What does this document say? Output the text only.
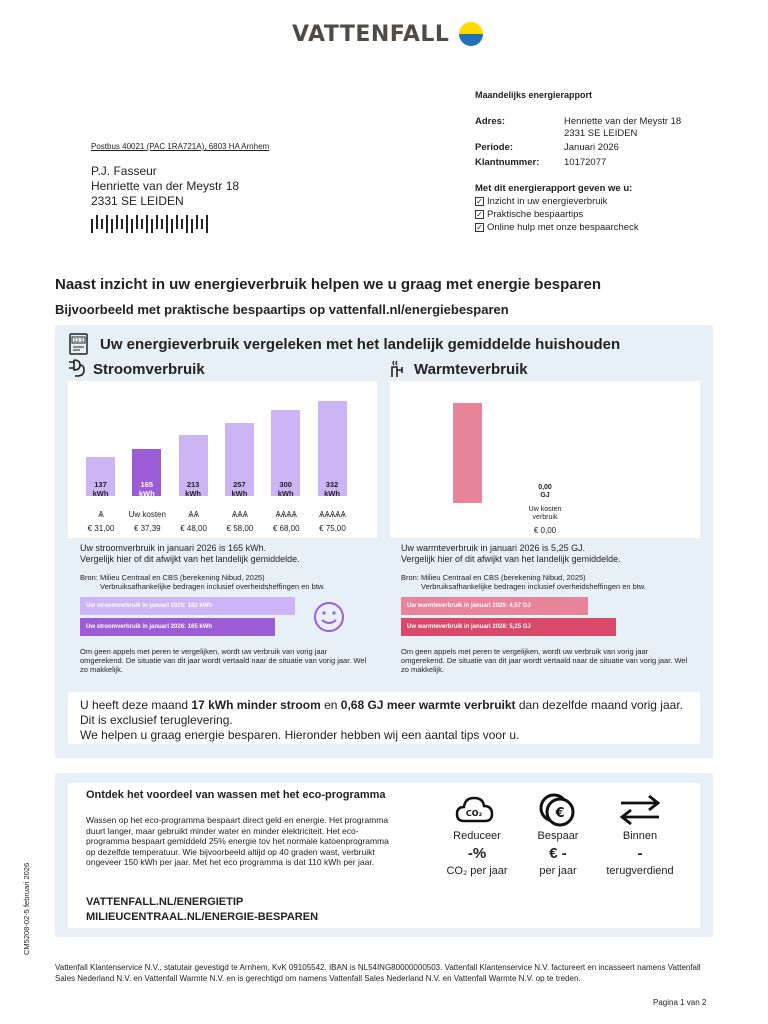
VATTENFALL
Maandelijks energierapport
Adres:	Henriette van der Meystr 18
2331 SE LEIDEN
Periode:	Januari 2026
Klantnummer:	10172077
Met dit energierapport geven we u:
✓ Inzicht in uw energieverbruik
✓ Praktische bespaartips
✓ Online hulp met onze bespaarcheck
Postbus 40021 (PAC 1RA721A), 6803 HA Arnhem
P.J. Fasseur
Henriette van der Meystr 18
2331 SE LEIDEN
Naast inzicht in uw energieverbruik helpen we u graag met energie besparen
Bijvoorbeeld met praktische bespaartips op vattenfall.nl/energiebesparen
12.5 Uw energieverbruik vergeleken met het landelijk gemiddelde huishouden
Stroomverbruik
137
kWh
Ѧ
€ 31,00
165
kWh
Uw kosten
€ 37,39
213
kWh
ѦѦ
€ 48,00
257
kWh
ѦѦѦ
€ 58,00
300
kWh
ѦѦѦѦ
€ 68,00
332
kWh
ѦѦѦѦѦ
€ 75,00
Uw stroomverbruik in januari 2026 is 165 kWh.
Vergelijk hier of dit afwijkt van het landelijk gemiddelde.
Bron: Milieu Centraal en CBS (berekening Nibud, 2025)
Verbruiksafhankelijke bedragen inclusief overheidsheffingen en btw.
Uw stroomverbruik in januari 2025: 182 kWh
Uw stroomverbruik in januari 2026: 165 kWh
Om geen appels met peren te vergelijken, wordt uw verbruik van vorig jaar omgerekend. De situatie van dit jaar wordt vertaald naar de situatie van vorig jaar. Wel zo makkelijk.
Warmteverbruik
0,00
GJ
Uw kosten
verbruik
€ 0,00
Uw warmteverbruik in januari 2026 is 5,25 GJ.
Vergelijk hier of dit afwijkt van het landelijk gemiddelde.
Bron: Milieu Centraal en CBS (berekening Nibud, 2025)
Verbruiksafhankelijke bedragen inclusief overheidsheffingen en btw.
Uw warmteverbruik in januari 2025: 4,57 GJ
Uw warmteverbruik in januari 2026: 5,25 GJ
Om geen appels met peren te vergelijken, wordt uw verbruik van vorig jaar omgerekend. De situatie van dit jaar wordt vertaald naar de situatie van vorig jaar. Wel zo makkelijk.
U heeft deze maand 17 kWh minder stroom en 0,68 GJ meer warmte verbruikt dan dezelfde maand vorig jaar. Dit is exclusief teruglevering.
We helpen u graag energie besparen. Hieronder hebben wij een aantal tips voor u.
Ontdek het voordeel van wassen met het eco-programma
Wassen op het eco-programma bespaart direct geld en energie. Het programma duurt langer, maar gebruikt minder water en minder elektriciteit. Het eco-programma bespaart gemiddeld 25% energie tov het normale katoenprogramma op dezelfde temperatuur. Wie bijvoorbeeld altijd op 40 graden wast, verbruikt ongeveer 150 kWh per jaar. Met het eco programma is dat 110 kWh per jaar.
VATTENFALL.NL/ENERGIETIP
MILIEUCENTRAAL.NL/ENERGIE-BESPAREN
CO₂	€
Reduceer
-%
CO₂ per jaar
Bespaar
€ -
per jaar
Binnen
-
terugverdiend
Vattenfall Klantenservice N.V., statutair gevestigd te Arnhem, KvK 09105542. IBAN is NL54ING80000000503. Vattenfall Klantenservice N.V. factureert en incasseert namens Vattenfall Sales Nederland N.V. en Vattenfall Warmte N.V. en is gerechtigd om namens Vattenfall Sales Nederland N.V. en Vattenfall Warmte N.V. op te treden.
Pagina 1 van 2
CM5208-02-5 februari 2026
